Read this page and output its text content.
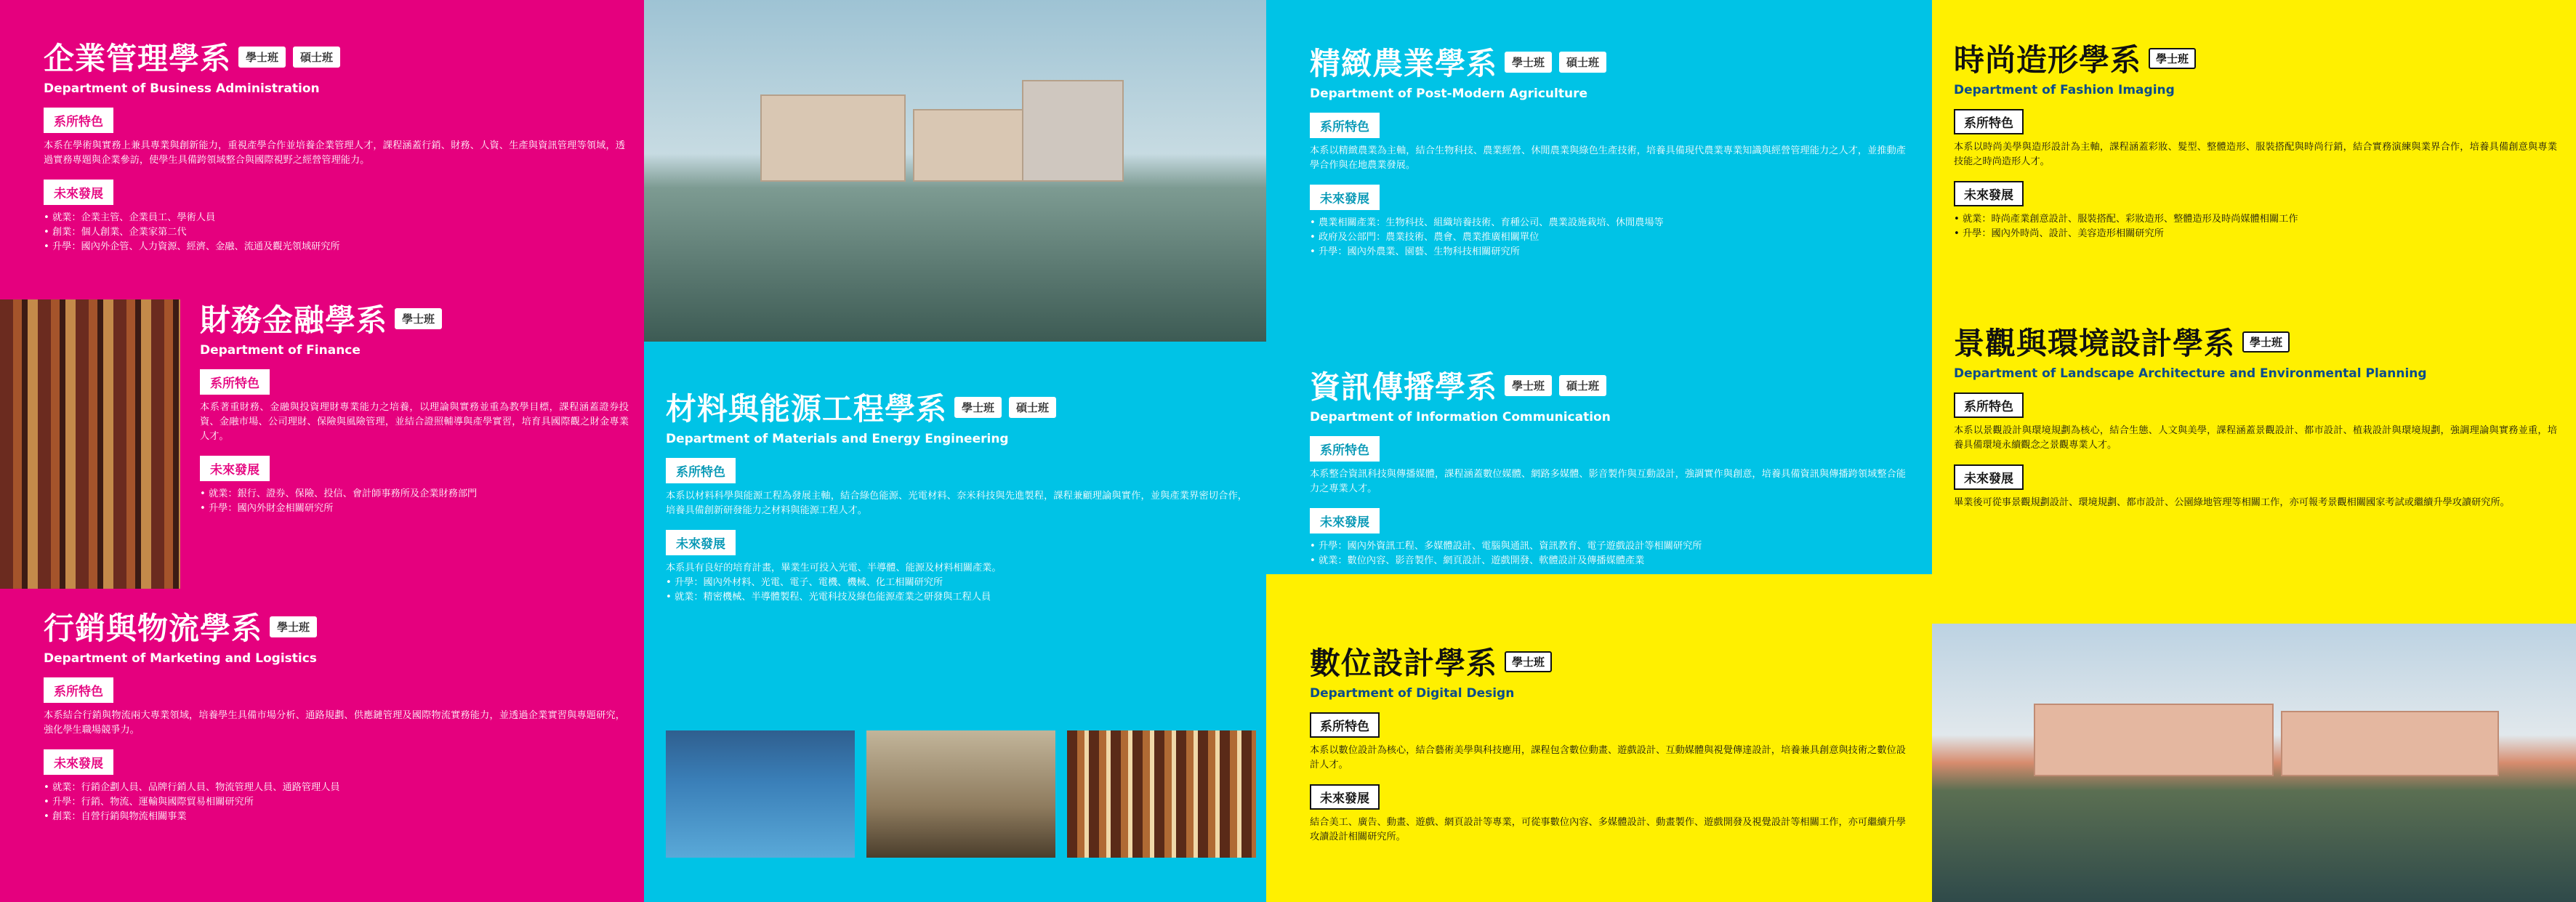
企業管理學系	學士班	碩士班
Department of Business Administration
系所特色
本系在學術與實務上兼具專業與創新能力，重視產學合作並培養企業管理人才，課程涵蓋行銷、財務、人資、生產與資訊管理等領域，透過實務專題與企業參訪，使學生具備跨領域整合與國際視野之經營管理能力。
未來發展
• 就業：企業主管、企業員工、學術人員
• 創業：個人創業、企業家第二代
• 升學：國內外企管、人力資源、經濟、金融、流通及觀光領域研究所
財務金融學系	學士班
Department of Finance
系所特色
本系著重財務、金融與投資理財專業能力之培養，以理論與實務並重為教學目標，課程涵蓋證券投資、金融市場、公司理財、保險與風險管理，並結合證照輔導與產學實習，培育具國際觀之財金專業人才。
未來發展
• 就業：銀行、證券、保險、投信、會計師事務所及企業財務部門
• 升學：國內外財金相關研究所
行銷與物流學系	學士班
Department of Marketing and Logistics
系所特色
本系結合行銷與物流兩大專業領域，培養學生具備市場分析、通路規劃、供應鏈管理及國際物流實務能力，並透過企業實習與專題研究，強化學生職場競爭力。
未來發展
• 就業：行銷企劃人員、品牌行銷人員、物流管理人員、通路管理人員
• 升學：行銷、物流、運輸與國際貿易相關研究所
• 創業：自營行銷與物流相關事業
材料與能源工程學系	學士班	碩士班
Department of Materials and Energy Engineering
系所特色
本系以材料科學與能源工程為發展主軸，結合綠色能源、光電材料、奈米科技與先進製程，課程兼顧理論與實作，並與產業界密切合作，培養具備創新研發能力之材料與能源工程人才。
未來發展
本系具有良好的培育計畫，畢業生可投入光電、半導體、能源及材料相關產業。
• 升學：國內外材料、光電、電子、電機、機械、化工相關研究所
• 就業：精密機械、半導體製程、光電科技及綠色能源產業之研發與工程人員
精緻農業學系	學士班	碩士班
Department of Post-Modern Agriculture
系所特色
本系以精緻農業為主軸，結合生物科技、農業經營、休閒農業與綠色生產技術，培養具備現代農業專業知識與經營管理能力之人才，並推動產學合作與在地農業發展。
未來發展
• 農業相關產業：生物科技、組織培養技術、育種公司、農業設施栽培、休閒農場等
• 政府及公部門：農業技術、農會、農業推廣相關單位
• 升學：國內外農業、園藝、生物科技相關研究所
資訊傳播學系	學士班	碩士班
Department of Information Communication
系所特色
本系整合資訊科技與傳播媒體，課程涵蓋數位媒體、網路多媒體、影音製作與互動設計，強調實作與創意，培養具備資訊與傳播跨領域整合能力之專業人才。
未來發展
• 升學：國內外資訊工程、多媒體設計、電腦與通訊、資訊教育、電子遊戲設計等相關研究所
• 就業：數位內容、影音製作、網頁設計、遊戲開發、軟體設計及傳播媒體產業
數位設計學系	學士班
Department of Digital Design
系所特色
本系以數位設計為核心，結合藝術美學與科技應用，課程包含數位動畫、遊戲設計、互動媒體與視覺傳達設計，培養兼具創意與技術之數位設計人才。
未來發展
結合美工、廣告、動畫、遊戲、網頁設計等專業，可從事數位內容、多媒體設計、動畫製作、遊戲開發及視覺設計等相關工作，亦可繼續升學攻讀設計相關研究所。
時尚造形學系	學士班
Department of Fashion Imaging
系所特色
本系以時尚美學與造形設計為主軸，課程涵蓋彩妝、髮型、整體造形、服裝搭配與時尚行銷，結合實務演練與業界合作，培養具備創意與專業技能之時尚造形人才。
未來發展
• 就業：時尚產業創意設計、服裝搭配、彩妝造形、整體造形及時尚媒體相關工作
• 升學：國內外時尚、設計、美容造形相關研究所
景觀與環境設計學系	學士班
Department of Landscape Architecture and Environmental Planning
系所特色
本系以景觀設計與環境規劃為核心，結合生態、人文與美學，課程涵蓋景觀設計、都市設計、植栽設計與環境規劃，強調理論與實務並重，培養具備環境永續觀念之景觀專業人才。
未來發展
畢業後可從事景觀規劃設計、環境規劃、都市設計、公園綠地管理等相關工作，亦可報考景觀相關國家考試或繼續升學攻讀研究所。
